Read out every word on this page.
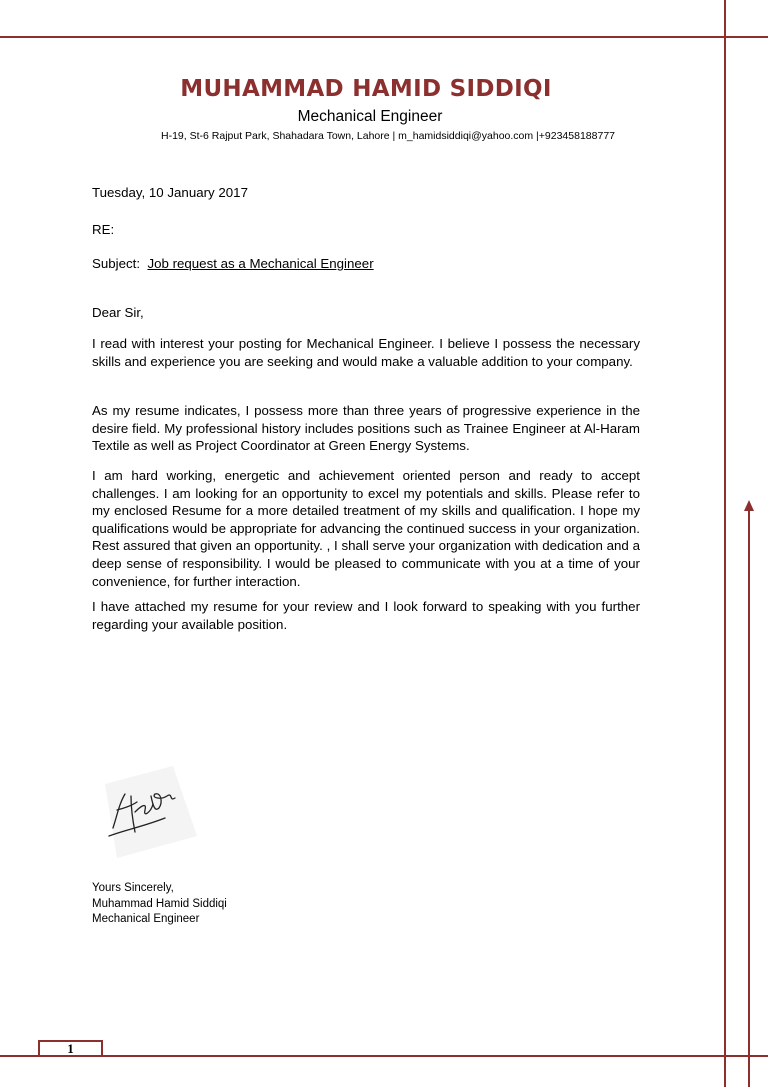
1
MUHAMMAD HAMID SIDDIQI
Mechanical Engineer
H-19, St-6 Rajput Park, Shahadara Town, Lahore | m_hamidsiddiqi@yahoo.com |+923458188777
Tuesday, 10 January 2017
RE:
Subject: Job request as a Mechanical Engineer
Dear Sir,
I read with interest your posting for Mechanical Engineer. I believe I possess the necessary skills and experience you are seeking and would make a valuable addition to your company.
As my resume indicates, I possess more than three years of progressive experience in the desire field. My professional history includes positions such as Trainee Engineer at Al-Haram Textile as well as Project Coordinator at Green Energy Systems.
I am hard working, energetic and achievement oriented person and ready to accept challenges. I am looking for an opportunity to excel my potentials and skills. Please refer to my enclosed Resume for a more detailed treatment of my skills and qualification. I hope my qualifications would be appropriate for advancing the continued success in your organization. Rest assured that given an opportunity. , I shall serve your organization with dedication and a deep sense of responsibility. I would be pleased to communicate with you at a time of your convenience, for further interaction.
I have attached my resume for your review and I look forward to speaking with you further regarding your available position.
Yours Sincerely,
Muhammad Hamid Siddiqi
Mechanical Engineer
